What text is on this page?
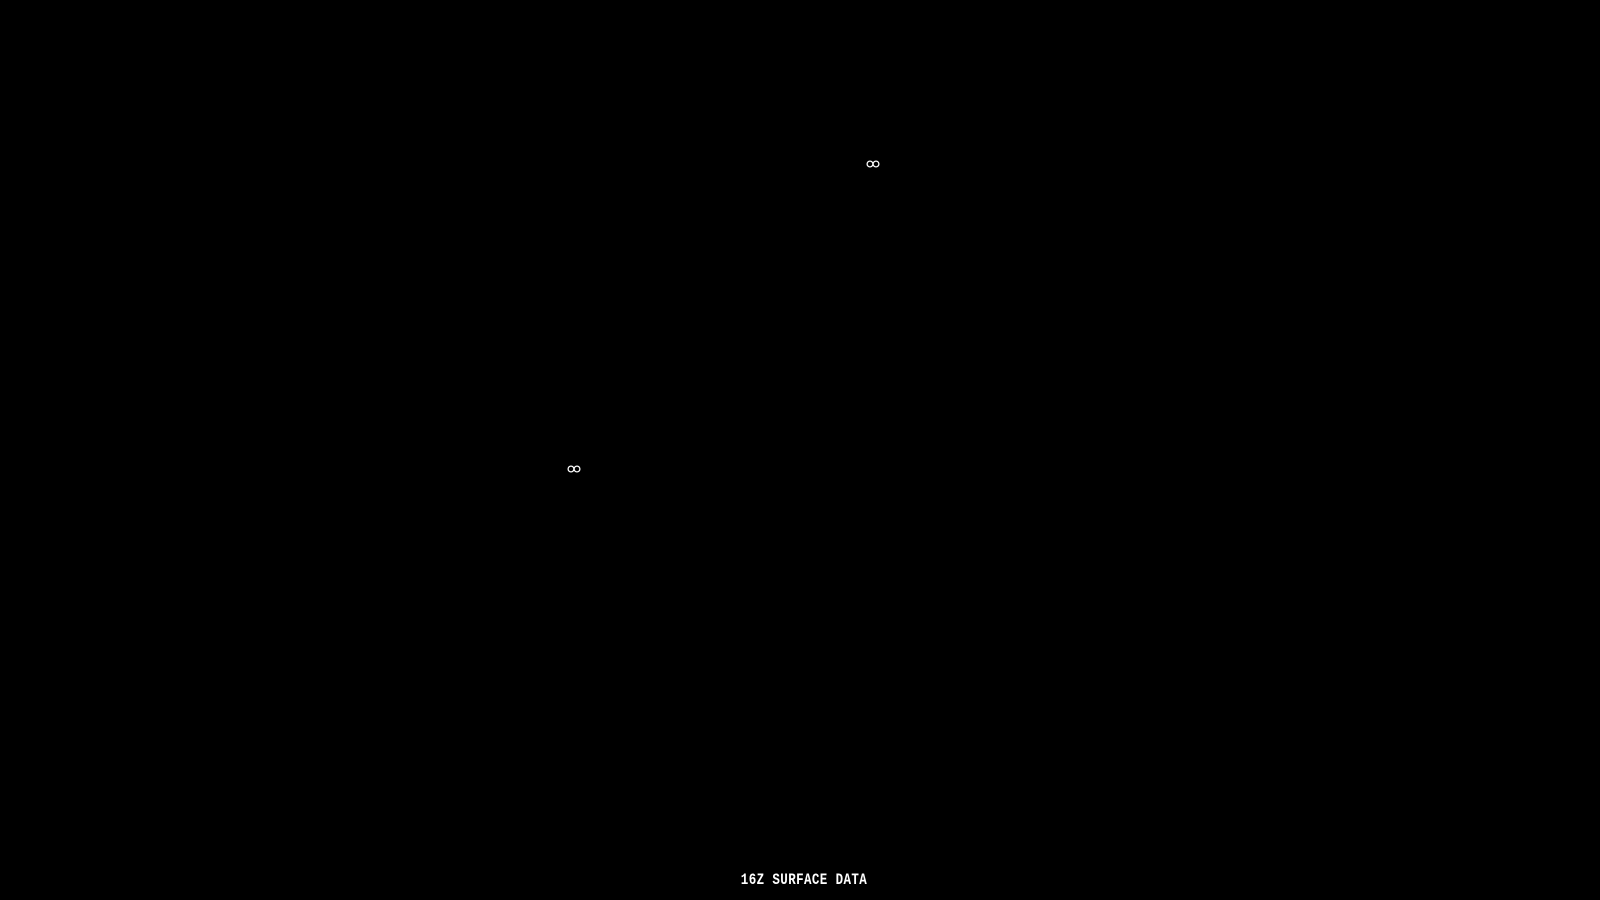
16Z SURFACE DATA
